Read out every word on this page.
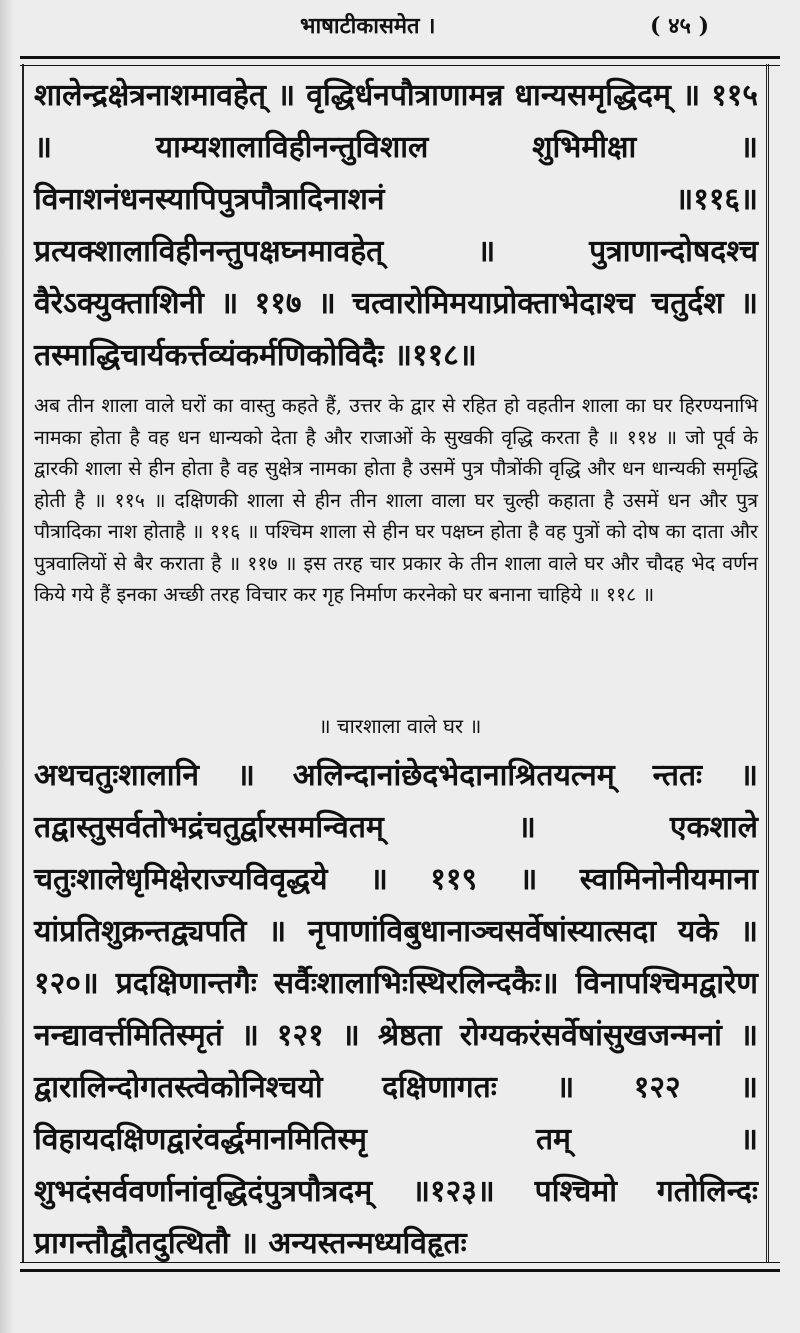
भाषाटीकासमेत ।	( ४५ )
शालेन्द्रक्षेत्रनाशमावहेत् ॥ वृद्धिर्धनपौत्राणामन्न धान्यसमृद्धिदम् ॥ ११५ ॥ याम्यशालाविहीनन्तुविशाल शुभिमीक्षा ॥ विनाशनंधनस्यापिपुत्रपौत्रादिनाशनं ॥११६॥ प्रत्यक्शालाविहीनन्तुपक्षघ्नमावहेत् ॥ पुत्राणान्दोषदश्च वैरेऽक्युक्ताशिनी ॥ ११७ ॥ चत्वारोमिमयाप्रोक्ताभेदाश्च चतुर्दश ॥ तस्माद्धिचार्यकर्त्तव्यंकर्मणिकोविदैः ॥११८॥
अब तीन शाला वाले घरों का वास्तु कहते हैं, उत्तर के द्वार से रहित हो वहतीन शाला का घर हिरण्यनाभि नामका होता है वह धन धान्यको देता है और राजाओं के सुखकी वृद्धि करता है ॥ ११४ ॥ जो पूर्व के द्वारकी शाला से हीन होता है वह सुक्षेत्र नामका होता है उसमें पुत्र पौत्रोंकी वृद्धि और धन धान्यकी समृद्धि होती है ॥ ११५ ॥ दक्षिणकी शाला से हीन तीन शाला वाला घर चुल्ही कहाता है उसमें धन और पुत्र पौत्रादिका नाश होताहै ॥ ११६ ॥ पश्चिम शाला से हीन घर पक्षघ्न होता है वह पुत्रों को दोष का दाता और पुत्रवालियों से बैर कराता है ॥ ११७ ॥ इस तरह चार प्रकार के तीन शाला वाले घर और चौदह भेद वर्णन किये गये हैं इनका अच्छी तरह विचार कर गृह निर्माण करनेको घर बनाना चाहिये ॥ ११८ ॥
॥ चारशाला वाले घर ॥
अथचतुःशालानि ॥ अलिन्दानांछेदभेदानाश्रितयत्नम् न्ततः ॥ तद्वास्तुसर्वतोभद्रंचतुर्द्वारसमन्वितम् ॥ एकशाले चतुःशालेधृमिक्षेराज्यविवृद्धये ॥ ११९ ॥ स्वामिनोनीयमाना यांप्रतिशुक्रन्तद्व्यपति ॥ नृपाणांविबुधानाञ्चसर्वेषांस्यात्सदा यके ॥१२०॥ प्रदक्षिणान्तगैः सर्वैःशालाभिःस्थिरलिन्दकैः॥ विनापश्चिमद्वारेण नन्द्यावर्त्तमितिस्मृतं ॥ १२१ ॥ श्रेष्ठता रोग्यकरंसर्वेषांसुखजन्मनां ॥ द्वारालिन्दोगतस्त्वेकोनिश्चयो दक्षिणागतः ॥ १२२ ॥ विहायदक्षिणद्वारंवर्द्धमानमितिस्मृ तम् ॥शुभदंसर्ववर्णानांवृद्धिदंपुत्रपौत्रदम् ॥१२३॥ पश्चिमो गतोलिन्दः प्रागन्तौद्वौतदुत्थितौ ॥ अन्यस्तन्मध्यविहृतः
